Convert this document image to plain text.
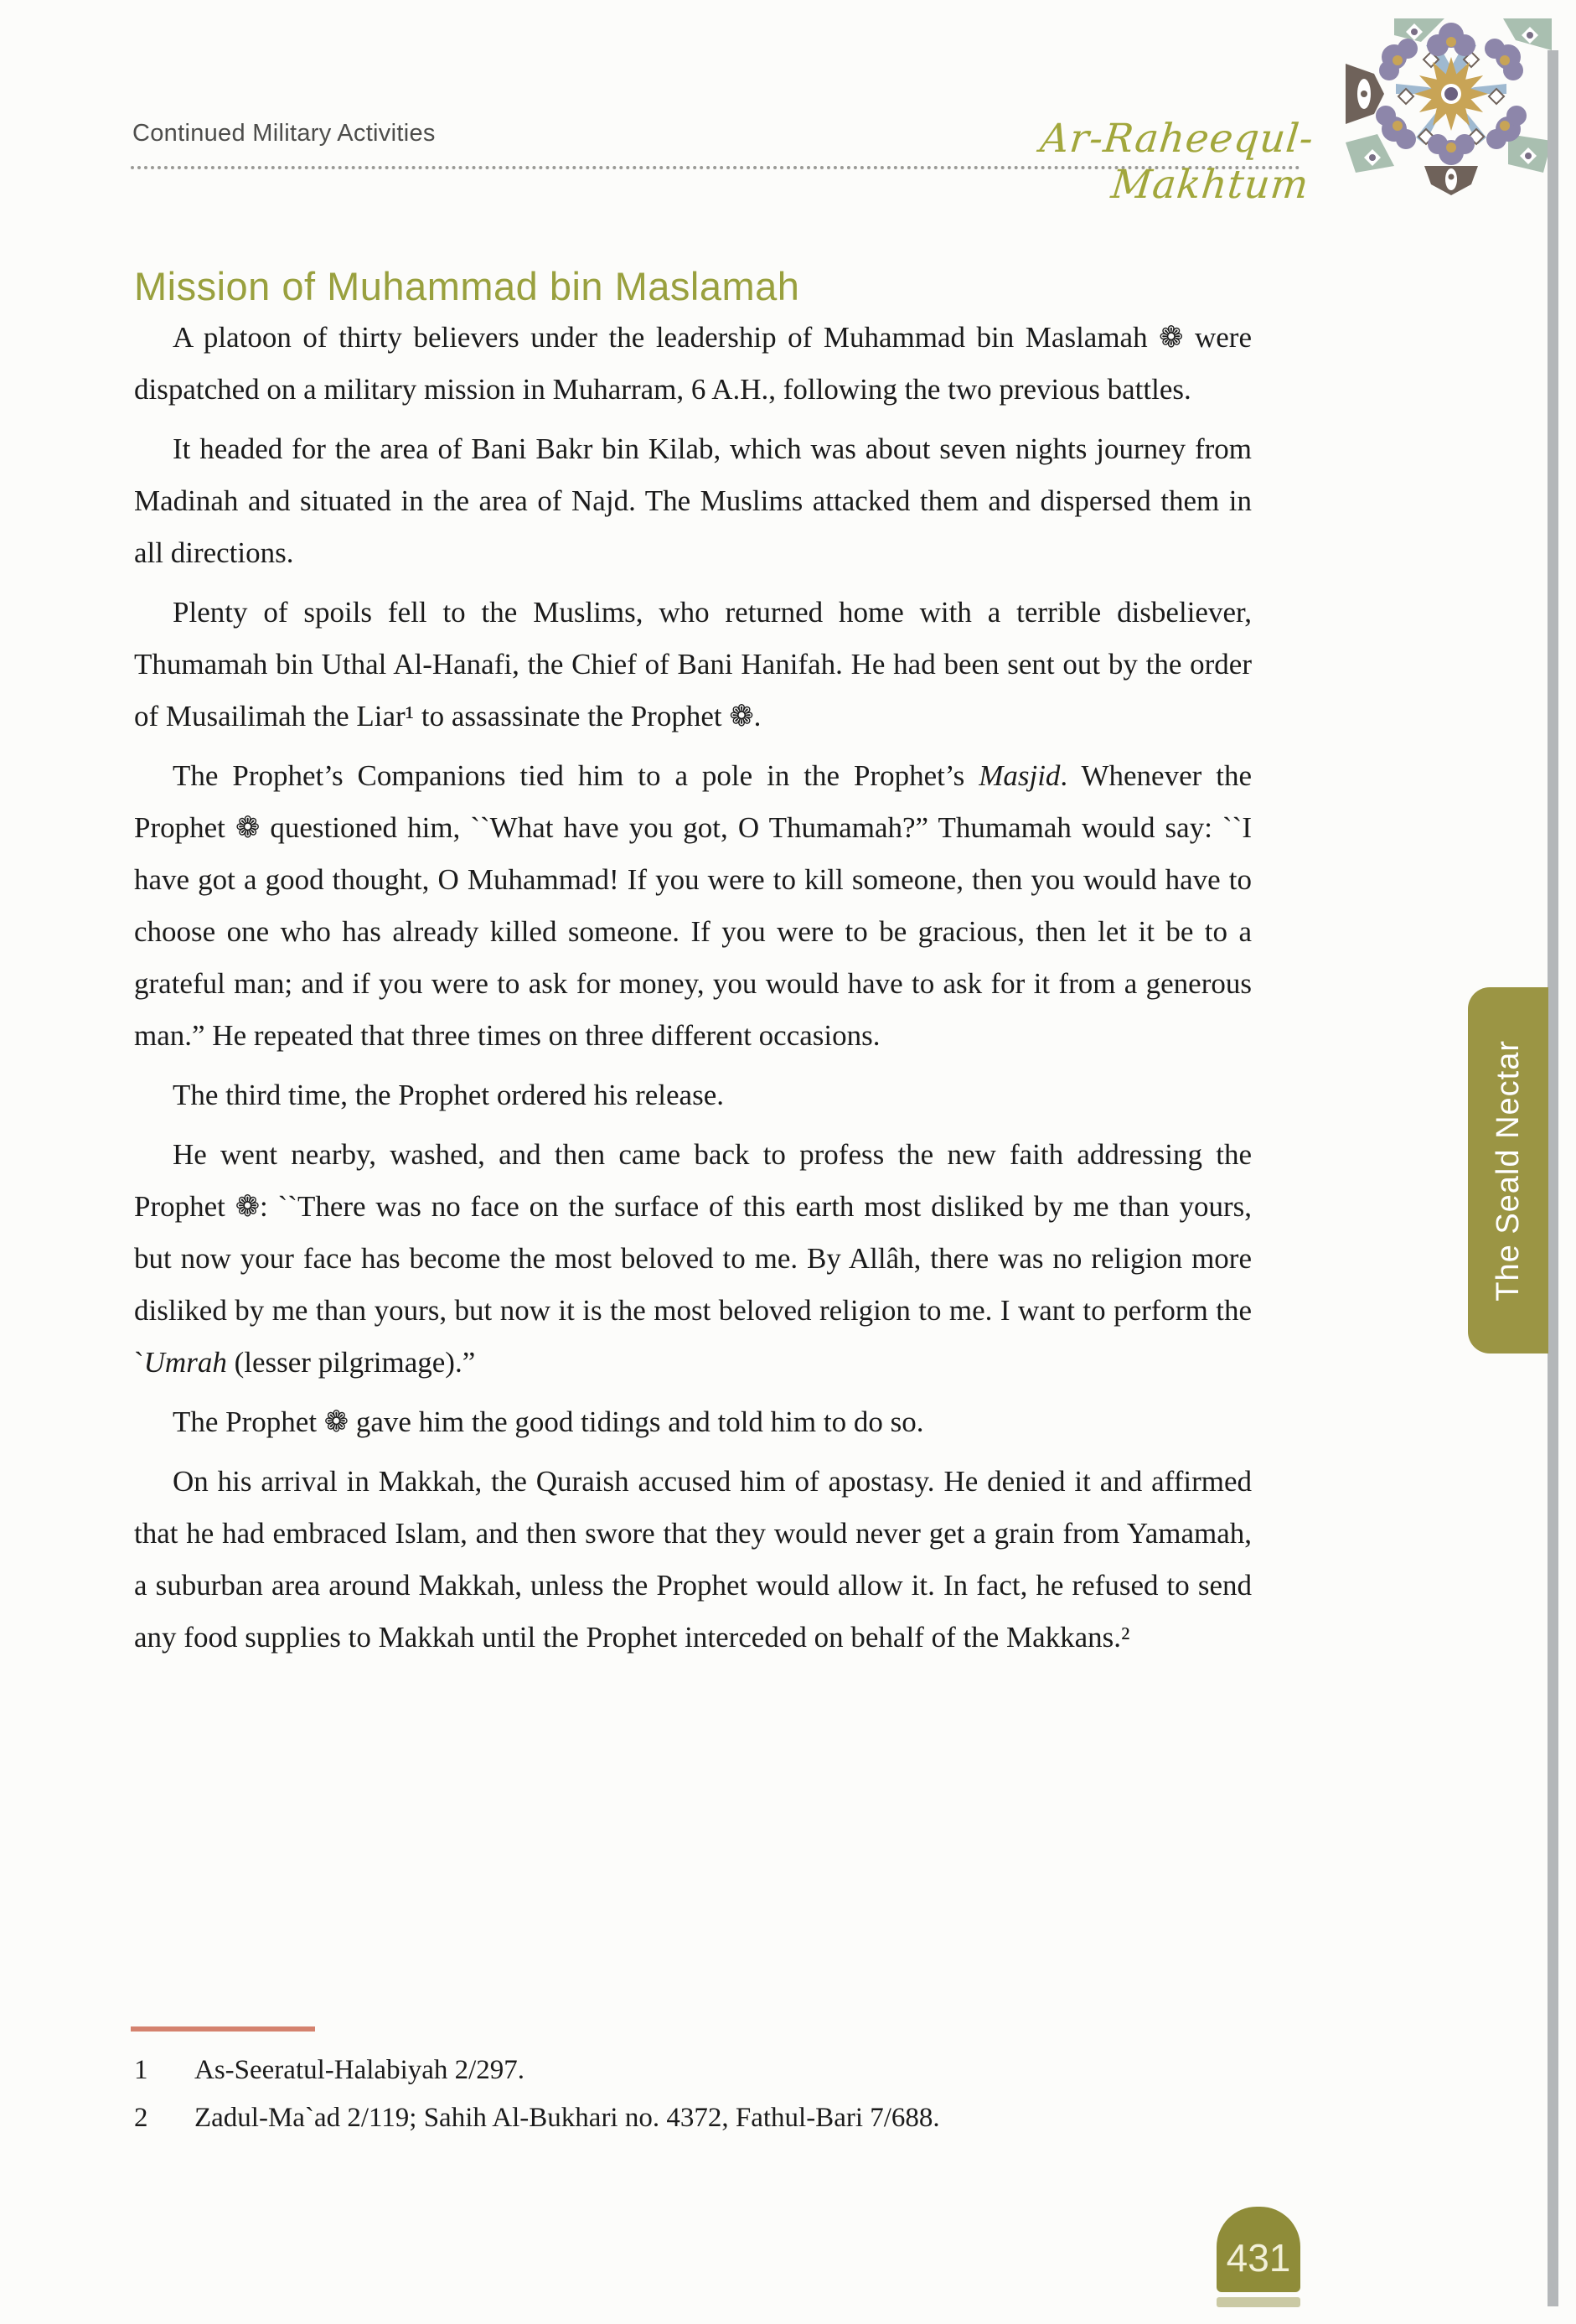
Continued Military Activities	Ar-Raheequl-Makhtum
Mission of Muhammad bin Maslamah

A platoon of thirty believers under the leadership of Muhammad bin Maslamah ❁ were dispatched on a military mission in Muharram, 6 A.H., following the two previous battles.

It headed for the area of Bani Bakr bin Kilab, which was about seven nights journey from Madinah and situated in the area of Najd. The Muslims attacked them and dispersed them in all directions.

Plenty of spoils fell to the Muslims, who returned home with a terrible disbeliever, Thumamah bin Uthal Al-Hanafi, the Chief of Bani Hanifah. He had been sent out by the order of Musailimah the Liar¹ to assassinate the Prophet ❁.

The Prophet’s Companions tied him to a pole in the Prophet’s Masjid. Whenever the Prophet ❁ questioned him, ``What have you got, O Thumamah?” Thumamah would say: ``I have got a good thought, O Muhammad! If you were to kill someone, then you would have to choose one who has already killed someone. If you were to be gracious, then let it be to a grateful man; and if you were to ask for money, you would have to ask for it from a generous man.” He repeated that three times on three different occasions.

The third time, the Prophet ordered his release.

He went nearby, washed, and then came back to profess the new faith addressing the Prophet ❁: ``There was no face on the surface of this earth most disliked by me than yours, but now your face has become the most beloved to me. By Allâh, there was no religion more disliked by me than yours, but now it is the most beloved religion to me. I want to perform the `Umrah (lesser pilgrimage).”

The Prophet ❁ gave him the good tidings and told him to do so.

On his arrival in Makkah, the Quraish accused him of apostasy. He denied it and affirmed that he had embraced Islam, and then swore that they would never get a grain from Yamamah, a suburban area around Makkah, unless the Prophet would allow it. In fact, he refused to send any food supplies to Makkah until the Prophet interceded on behalf of the Makkans.²

1	As-Seeratul-Halabiyah 2/297.
2	Zadul-Ma`ad 2/119; Sahih Al-Bukhari no. 4372, Fathul-Bari 7/688.
The Seald Nectar
431
